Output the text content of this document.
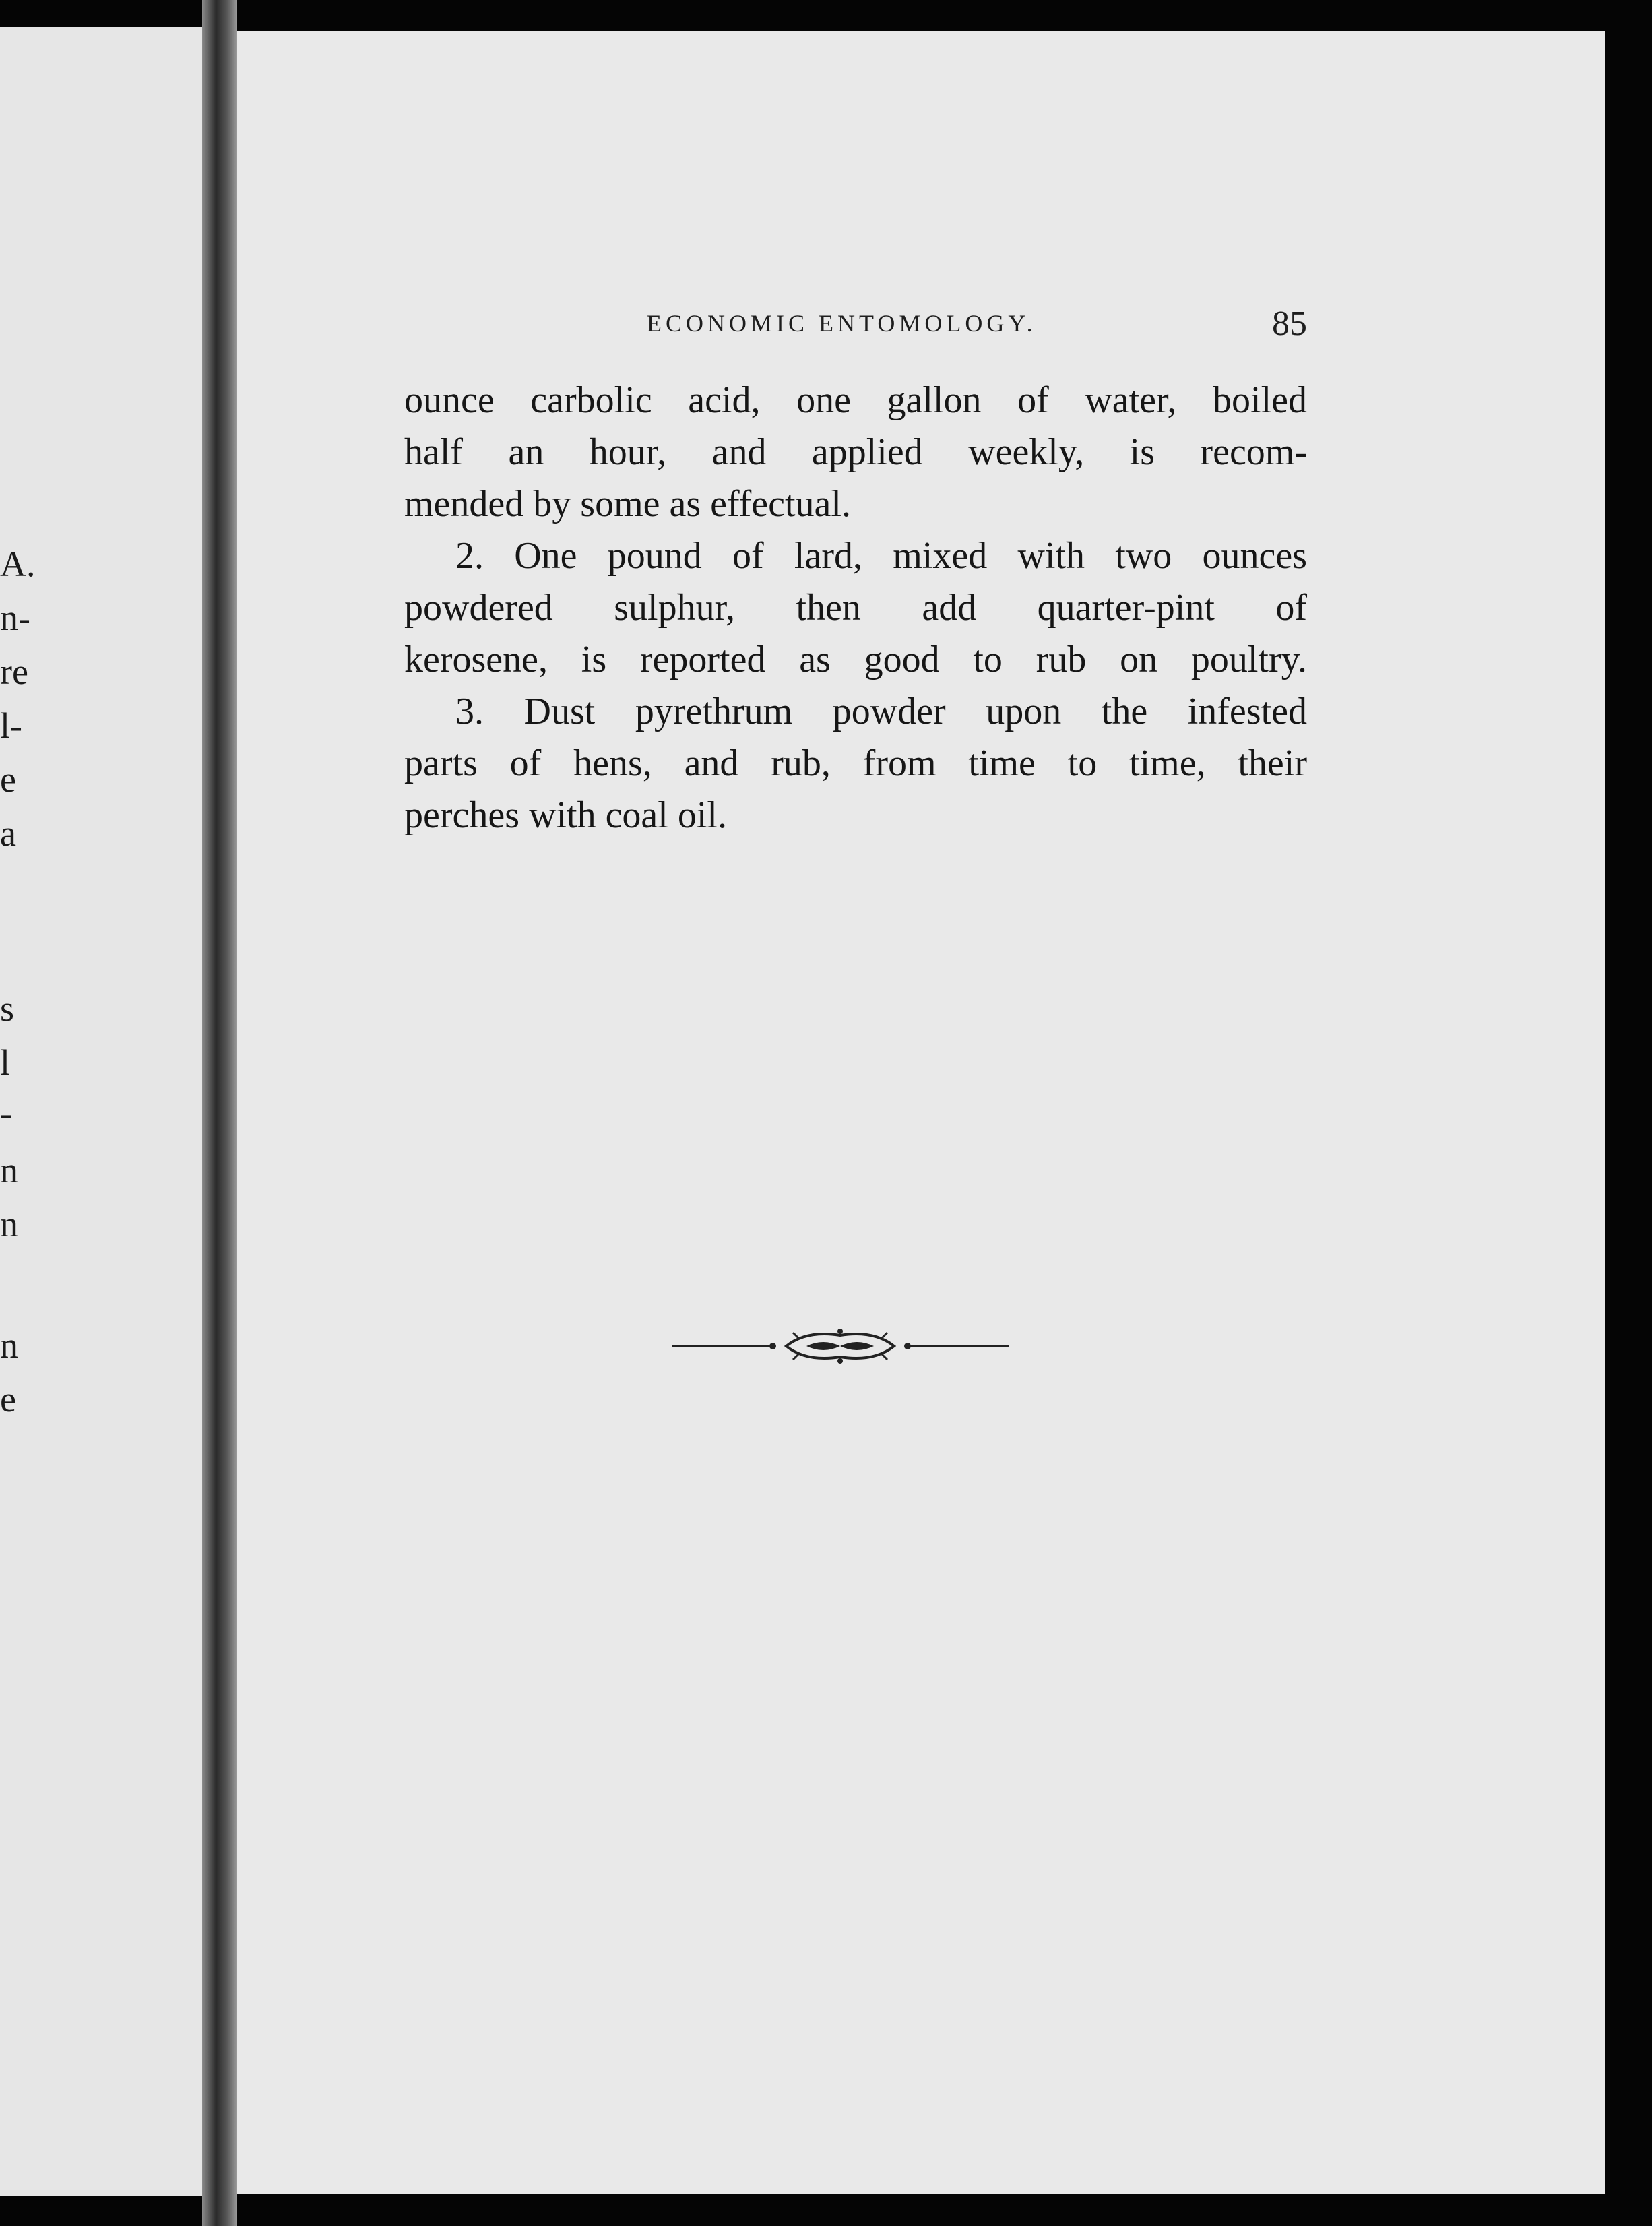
A.

n-

re

l-

e

a

s

l

-

n

n

n

e

ECONOMIC ENTOMOLOGY.	85
ounce carbolic acid, one gallon of water, boiled
half an hour, and applied weekly, is recom-
mended by some as effectual.
2. One pound of lard, mixed with two ounces
powdered sulphur, then add quarter-pint of
kerosene, is reported as good to rub on poultry.
3. Dust pyrethrum powder upon the infested
parts of hens, and rub, from time to time, their
perches with coal oil.
